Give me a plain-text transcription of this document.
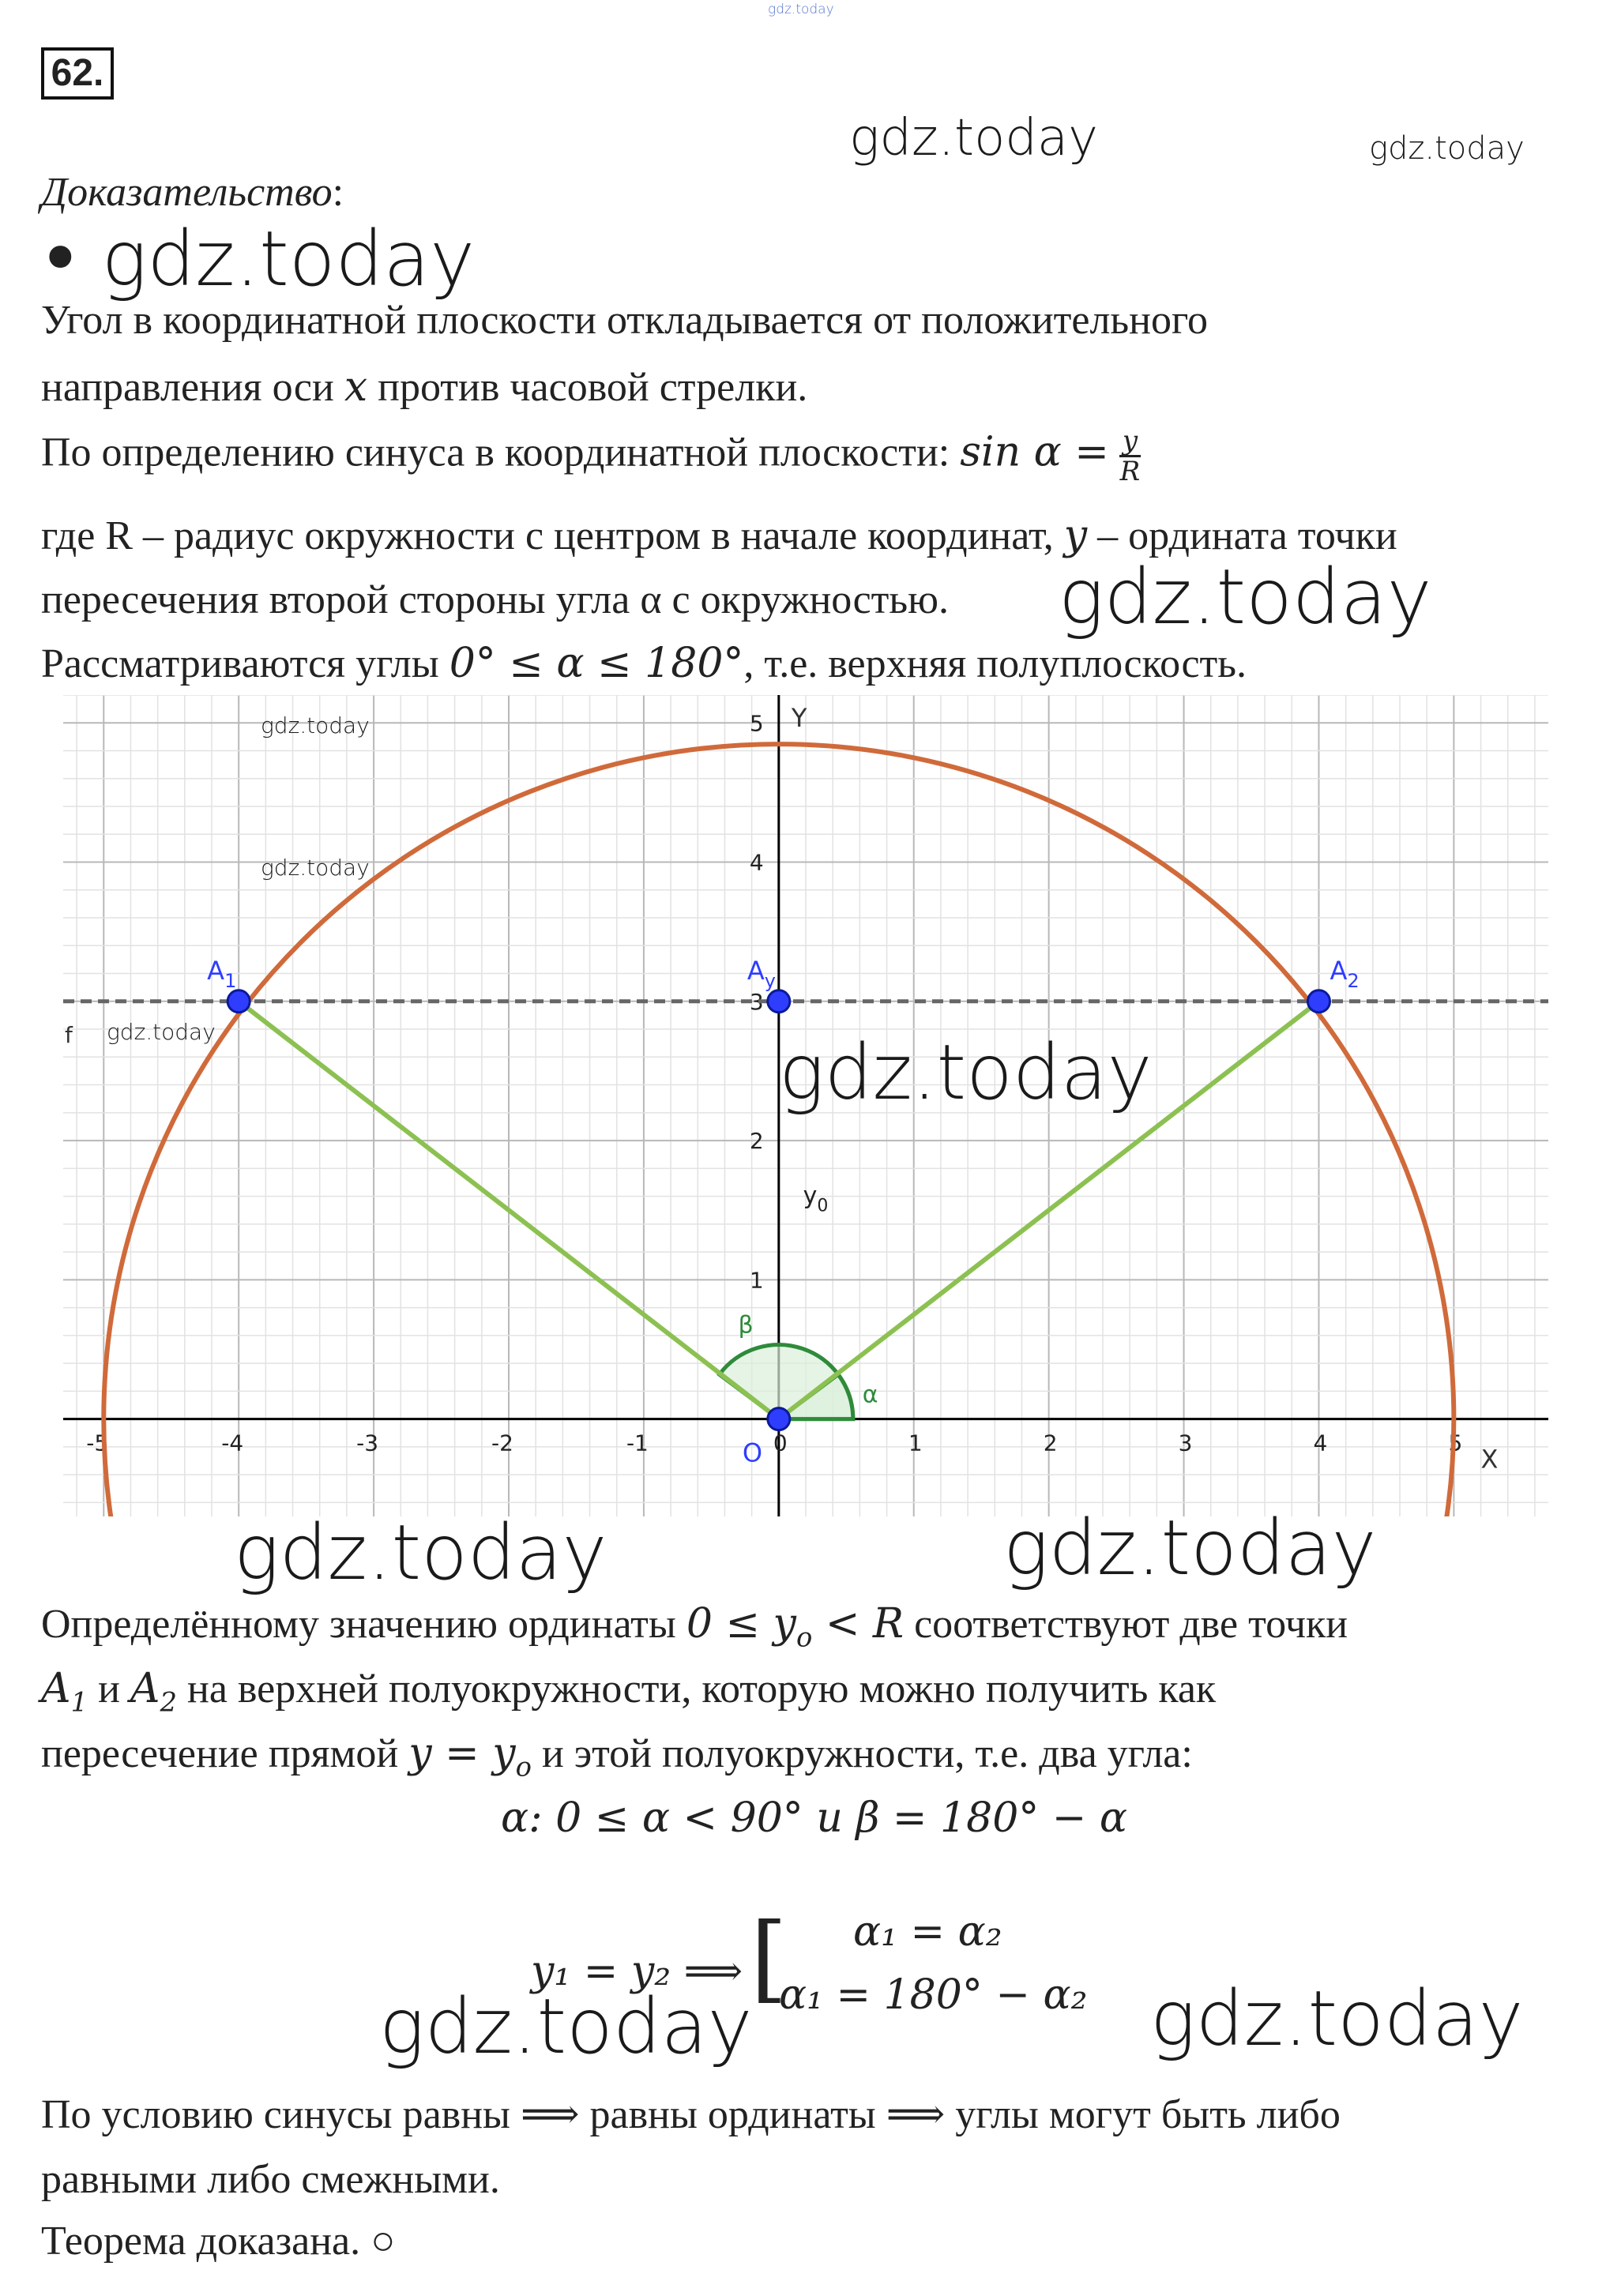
gdz.today
62.
gdz.today	gdz.today
Доказательство:
• gdz.today
Угол в координатной плоскости откладывается от положительного
направления оси x против часовой стрелки.
По определению синуса в координатной плоскости: $\sin \alpha = \frac{y}{R}$
где R – радиус окружности с центром в начале координат, y – ордината точки
пересечения второй стороны угла α с окружностью. gdz.today
Рассматриваются углы 0° ≤ α ≤ 180°, т.е. верхняя полуплоскость.
-5	-4	-3	-2	-1	0	1	2	3	4	5
1
2
3
4
5
X
Y
f
α
β
$y_0$
$A_1$	$A_y$	$A_2$
O
gdz.today
gdz.today
gdz.today	gdz.today
gdz.today	gdz.today
Определённому значению ординаты $0 \le y_o < R$ соответствуют две точки
$A_1$ и $A_2$ на верхней полуокружности, которую можно получить как
пересечение прямой $y = y_o$ и этой полуокружности, т.е. два угла:
α: 0 ≤ α < 90° и β = 180° − α
y₁ = y₂ ⟹ [ α₁ = α₂
α₁ = 180° − α₂
gdz.today	gdz.today
По условию синусы равны ⟹ равны ординаты ⟹ углы могут быть либо
равными либо смежными.
Теорема доказана. ○
